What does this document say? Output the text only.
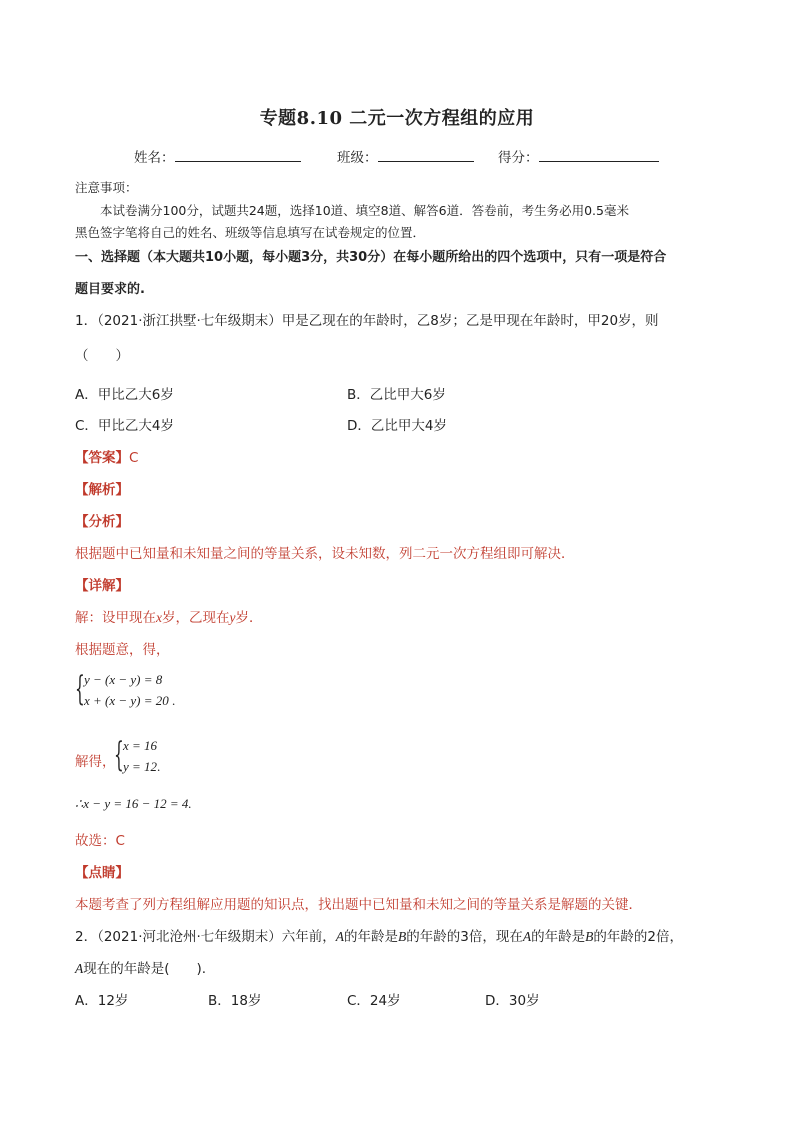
专题8.10 二元一次方程组的应用
姓名：	班级：	得分：
注意事项：
本试卷满分100分，试题共24题，选择10道、填空8道、解答6道．答卷前，考生务必用0.5毫米
黑色签字笔将自己的姓名、班级等信息填写在试卷规定的位置．
一、选择题（本大题共10小题，每小题3分，共30分）在每小题所给出的四个选项中，只有一项是符合
题目要求的.
1．（2021·浙江拱墅·七年级期末）甲是乙现在的年龄时，乙8岁；乙是甲现在年龄时，甲20岁，则
（　　）
A．甲比乙大6岁	B．乙比甲大6岁
C．甲比乙大4岁	D．乙比甲大4岁
【答案】C
【解析】
【分析】
根据题中已知量和未知量之间的等量关系，设未知数，列二元一次方程组即可解决．
【详解】
解：设甲现在x岁，乙现在y岁．
根据题意，得，
{ y − (x − y) = 8
x + (x − y) = 20 .
解得，
{ x = 16
y = 12 .
∴x − y = 16 − 12 = 4.
故选：C
【点睛】
本题考查了列方程组解应用题的知识点，找出题中已知量和未知之间的等量关系是解题的关键．
2．（2021·河北沧州·七年级期末）六年前，A的年龄是B的年龄的3倍，现在A的年龄是B的年龄的2倍，
A现在的年龄是(　　).
A．12岁	B．18岁	C．24岁	D．30岁
